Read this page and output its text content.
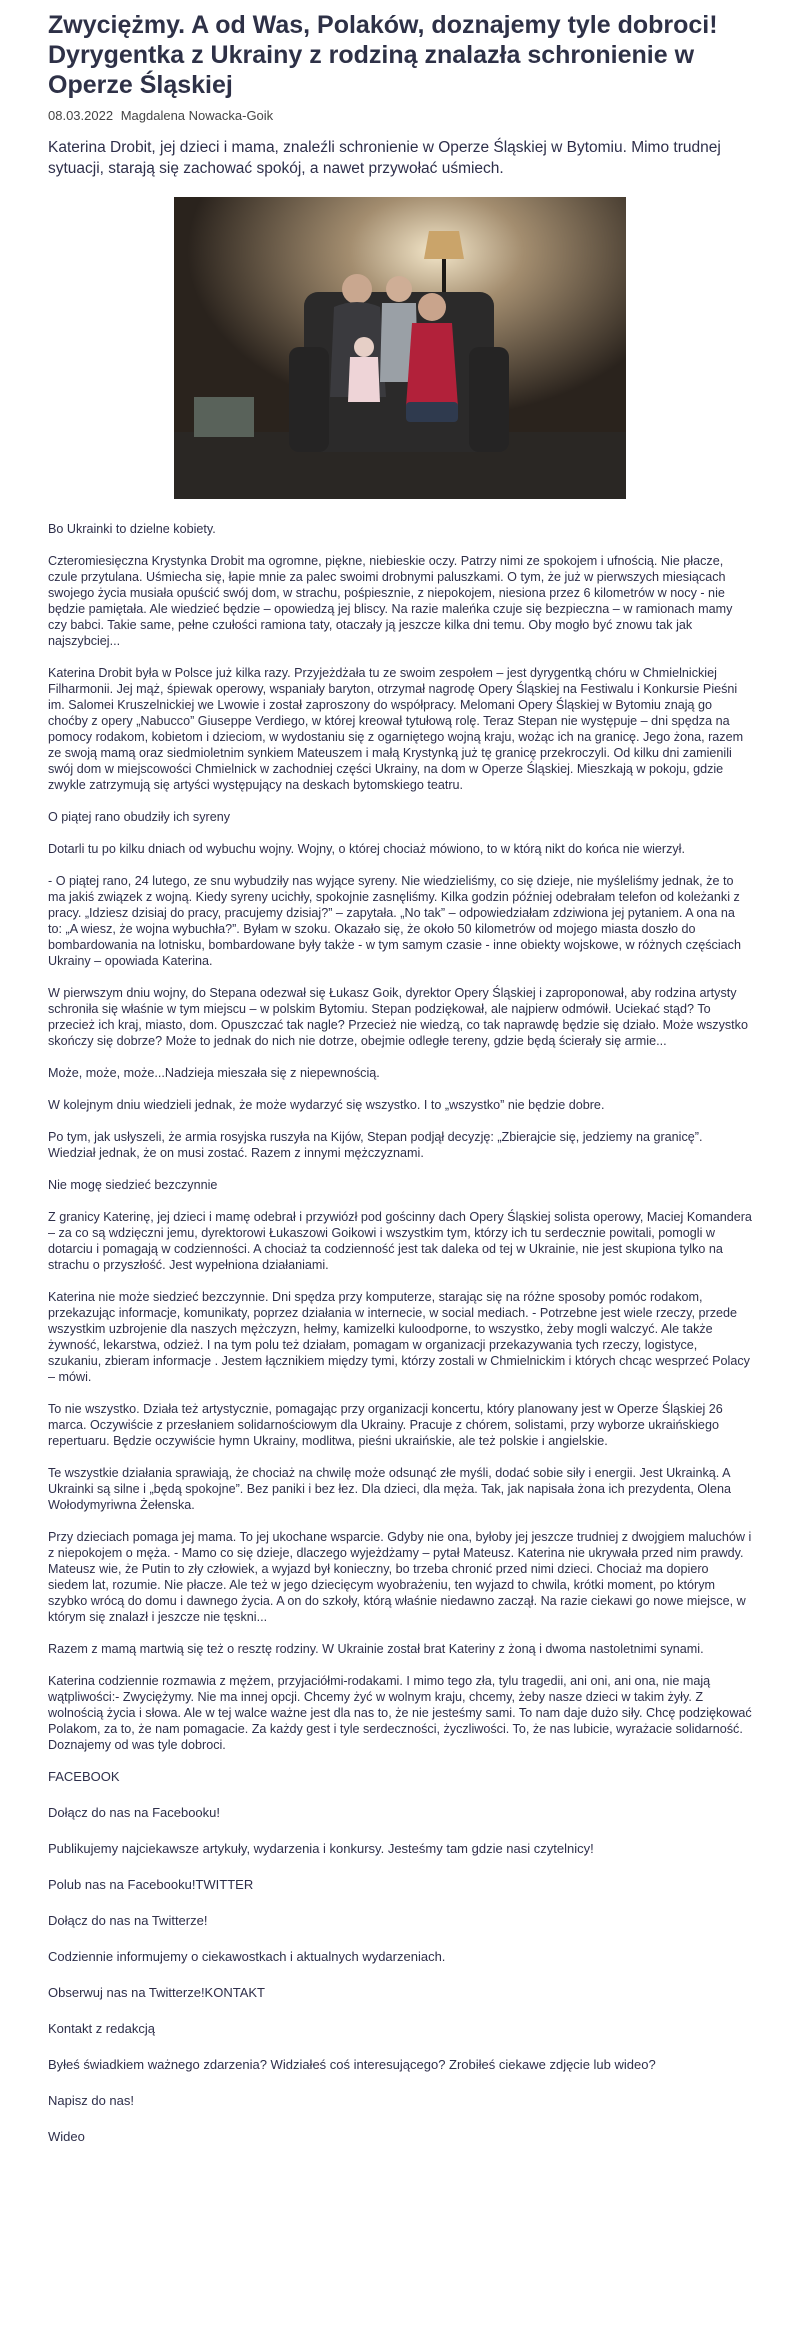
Zwyciężmy. A od Was, Polaków, doznajemy tyle dobroci!
Dyrygentka z Ukrainy z rodziną znalazła schronienie w Operze Śląskiej
08.03.2022 Magdalena Nowacka-Goik

Katerina Drobit, jej dzieci i mama, znaleźli schronienie w Operze Śląskiej w Bytomiu. Mimo trudnej sytuacji, starają się zachować spokój, a nawet przywołać uśmiech.

Bo Ukrainki to dzielne kobiety.

Czteromiesięczna Krystynka Drobit ma ogromne, piękne, niebieskie oczy. Patrzy nimi ze spokojem i ufnością. Nie płacze, czule przytulana. Uśmiecha się, łapie mnie za palec swoimi drobnymi paluszkami. O tym, że już w pierwszych miesiącach swojego życia musiała opuścić swój dom, w strachu, pośpiesznie, z niepokojem, niesiona przez 6 kilometrów w nocy - nie będzie pamiętała. Ale wiedzieć będzie – opowiedzą jej bliscy. Na razie maleńka czuje się bezpieczna – w ramionach mamy czy babci. Takie same, pełne czułości ramiona taty, otaczały ją jeszcze kilka dni temu. Oby mogło być znowu tak jak najszybciej...

Katerina Drobit była w Polsce już kilka razy. Przyjeżdżała tu ze swoim zespołem – jest dyrygentką chóru w Chmielnickiej Filharmonii. Jej mąż, śpiewak operowy, wspaniały baryton, otrzymał nagrodę Opery Śląskiej na Festiwalu i Konkursie Pieśni im. Salomei Kruszelnickiej we Lwowie i został zaproszony do współpracy. Melomani Opery Śląskiej w Bytomiu znają go choćby z opery „Nabucco” Giuseppe Verdiego, w której kreował tytułową rolę. Teraz Stepan nie występuje – dni spędza na pomocy rodakom, kobietom i dzieciom, w wydostaniu się z ogarniętego wojną kraju, wożąc ich na granicę. Jego żona, razem ze swoją mamą oraz siedmioletnim synkiem Mateuszem i małą Krystynką już tę granicę przekroczyli. Od kilku dni zamienili swój dom w miejscowości Chmielnick w zachodniej części Ukrainy, na dom w Operze Śląskiej. Mieszkają w pokoju, gdzie zwykle zatrzymują się artyści występujący na deskach bytomskiego teatru.

O piątej rano obudziły ich syreny

Dotarli tu po kilku dniach od wybuchu wojny. Wojny, o której chociaż mówiono, to w którą nikt do końca nie wierzył.

- O piątej rano, 24 lutego, ze snu wybudziły nas wyjące syreny. Nie wiedzieliśmy, co się dzieje, nie myśleliśmy jednak, że to ma jakiś związek z wojną. Kiedy syreny ucichły, spokojnie zasnęliśmy. Kilka godzin później odebrałam telefon od koleżanki z pracy. „Idziesz dzisiaj do pracy, pracujemy dzisiaj?” – zapytała. „No tak” – odpowiedziałam zdziwiona jej pytaniem. A ona na to: „A wiesz, że wojna wybuchła?”. Byłam w szoku. Okazało się, że około 50 kilometrów od mojego miasta doszło do bombardowania na lotnisku, bombardowane były także - w tym samym czasie - inne obiekty wojskowe, w różnych częściach Ukrainy – opowiada Katerina.

W pierwszym dniu wojny, do Stepana odezwał się Łukasz Goik, dyrektor Opery Śląskiej i zaproponował, aby rodzina artysty schroniła się właśnie w tym miejscu – w polskim Bytomiu. Stepan podziękował, ale najpierw odmówił. Uciekać stąd? To przecież ich kraj, miasto, dom. Opuszczać tak nagle? Przecież nie wiedzą, co tak naprawdę będzie się działo. Może wszystko skończy się dobrze? Może to jednak do nich nie dotrze, obejmie odległe tereny, gdzie będą ścierały się armie...

Może, może, może...Nadzieja mieszała się z niepewnością.

W kolejnym dniu wiedzieli jednak, że może wydarzyć się wszystko. I to „wszystko” nie będzie dobre.

Po tym, jak usłyszeli, że armia rosyjska ruszyła na Kijów, Stepan podjął decyzję: „Zbierajcie się, jedziemy na granicę”. Wiedział jednak, że on musi zostać. Razem z innymi mężczyznami.

Nie mogę siedzieć bezczynnie

Z granicy Katerinę, jej dzieci i mamę odebrał i przywiózł pod gościnny dach Opery Śląskiej solista operowy, Maciej Komandera – za co są wdzięczni jemu, dyrektorowi Łukaszowi Goikowi i wszystkim tym, którzy ich tu serdecznie powitali, pomogli w dotarciu i pomagają w codzienności. A chociaż ta codzienność jest tak daleka od tej w Ukrainie, nie jest skupiona tylko na strachu o przyszłość. Jest wypełniona działaniami.

Katerina nie może siedzieć bezczynnie. Dni spędza przy komputerze, starając się na różne sposoby pomóc rodakom, przekazując informacje, komunikaty, poprzez działania w internecie, w social mediach. - Potrzebne jest wiele rzeczy, przede wszystkim uzbrojenie dla naszych mężczyzn, hełmy, kamizelki kuloodporne, to wszystko, żeby mogli walczyć. Ale także żywność, lekarstwa, odzież. I na tym polu też działam, pomagam w organizacji przekazywania tych rzeczy, logistyce, szukaniu, zbieram informacje . Jestem łącznikiem między tymi, którzy zostali w Chmielnickim i których chcąc wesprzeć Polacy – mówi.

To nie wszystko. Działa też artystycznie, pomagając przy organizacji koncertu, który planowany jest w Operze Śląskiej 26 marca. Oczywiście z przesłaniem solidarnościowym dla Ukrainy. Pracuje z chórem, solistami, przy wyborze ukraińskiego repertuaru. Będzie oczywiście hymn Ukrainy, modlitwa, pieśni ukraińskie, ale też polskie i angielskie.

Te wszystkie działania sprawiają, że chociaż na chwilę może odsunąć złe myśli, dodać sobie siły i energii. Jest Ukrainką. A Ukrainki są silne i „będą spokojne”. Bez paniki i bez łez. Dla dzieci, dla męża. Tak, jak napisała żona ich prezydenta, Olena Wołodymyriwna Żełenska.

Przy dzieciach pomaga jej mama. To jej ukochane wsparcie. Gdyby nie ona, byłoby jej jeszcze trudniej z dwojgiem maluchów i z niepokojem o męża. - Mamo co się dzieje, dlaczego wyjeżdżamy – pytał Mateusz. Katerina nie ukrywała przed nim prawdy. Mateusz wie, że Putin to zły człowiek, a wyjazd był konieczny, bo trzeba chronić przed nimi dzieci. Chociaż ma dopiero siedem lat, rozumie. Nie płacze. Ale też w jego dziecięcym wyobrażeniu, ten wyjazd to chwila, krótki moment, po którym szybko wrócą do domu i dawnego życia. A on do szkoły, którą właśnie niedawno zaczął. Na razie ciekawi go nowe miejsce, w którym się znalazł i jeszcze nie tęskni...

Razem z mamą martwią się też o resztę rodziny. W Ukrainie został brat Kateriny z żoną i dwoma nastoletnimi synami.

Katerina codziennie rozmawia z mężem, przyjaciółmi-rodakami. I mimo tego zła, tylu tragedii, ani oni, ani ona, nie mają wątpliwości:- Zwyciężymy. Nie ma innej opcji. Chcemy żyć w wolnym kraju, chcemy, żeby nasze dzieci w takim żyły. Z wolnością życia i słowa. Ale w tej walce ważne jest dla nas to, że nie jesteśmy sami. To nam daje dużo siły. Chcę podziękować Polakom, za to, że nam pomagacie. Za każdy gest i tyle serdeczności, życzliwości. To, że nas lubicie, wyrażacie solidarność. Doznajemy od was tyle dobroci.

FACEBOOK

Dołącz do nas na Facebooku!

Publikujemy najciekawsze artykuły, wydarzenia i konkursy. Jesteśmy tam gdzie nasi czytelnicy!

Polub nas na Facebooku!TWITTER

Dołącz do nas na Twitterze!

Codziennie informujemy o ciekawostkach i aktualnych wydarzeniach.

Obserwuj nas na Twitterze!KONTAKT

Kontakt z redakcją

Byłeś świadkiem ważnego zdarzenia? Widziałeś coś interesującego? Zrobiłeś ciekawe zdjęcie lub wideo?

Napisz do nas!

Wideo
